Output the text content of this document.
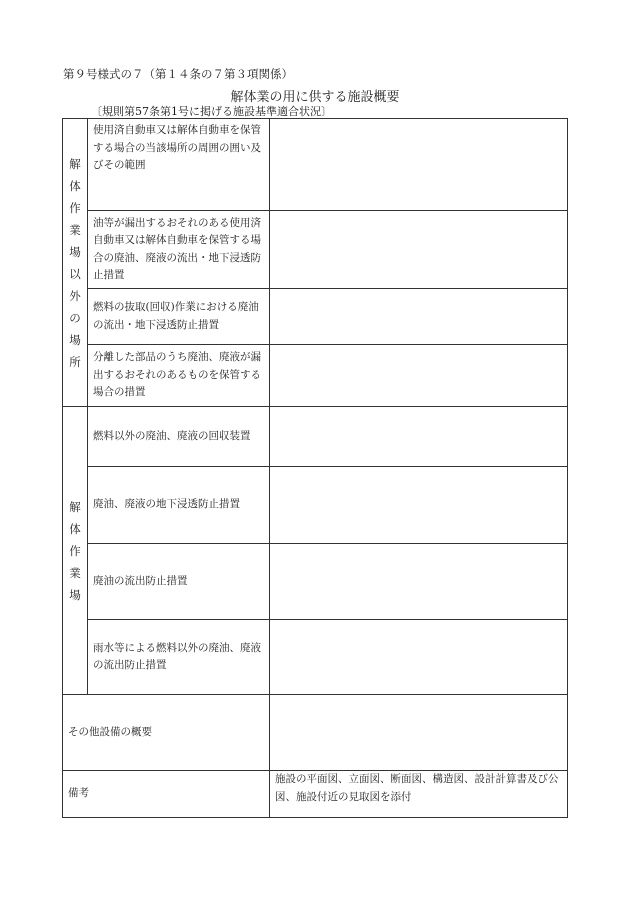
第９号様式の７（第１４条の７第３項関係）
解体業の用に供する施設概要
〔規則第57条第1号に掲げる施設基準適合状況〕
解体作業場以外の場所	使用済自動車又は解体自動車を保管する場合の当該場所の周囲の囲い及びその範囲	
	油等が漏出するおそれのある使用済自動車又は解体自動車を保管する場合の廃油、廃液の流出・地下浸透防止措置	
	燃料の抜取(回収)作業における廃油の流出・地下浸透防止措置	
	分離した部品のうち廃油、廃液が漏出するおそれのあるものを保管する場合の措置	

解体作業場	燃料以外の廃油、廃液の回収装置	
	廃油、廃液の地下浸透防止措置	
	廃油の流出防止措置	
	雨水等による燃料以外の廃油、廃液の流出防止措置	
その他設備の概要		
備考		施設の平面図、立面図、断面図、構造図、設計計算書及び公図、施設付近の見取図を添付
